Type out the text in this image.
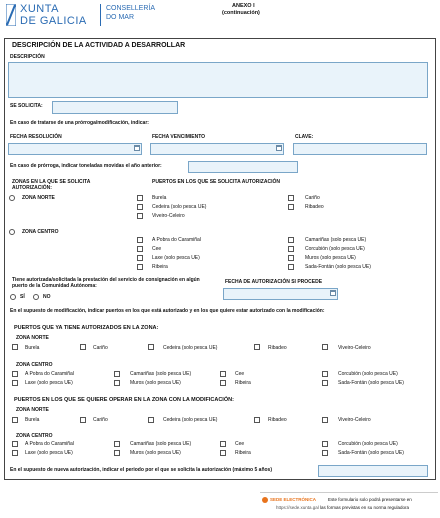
XUNTA
DE GALICIA
CONSELLERÍA
DO MAR
ANEXO I
(continuación)
DESCRIPCIÓN DE LA ACTIVIDAD A DESARROLLAR
DESCRIPCIÓN
SE SOLICITA:
En caso de tratarse de una prórroga/modificación, indicar:
FECHA RESOLUCIÓN	FECHA VENCIMIENTO	CLAVE:
En caso de prórroga, indicar toneladas movidas el año anterior:
ZONAS EN LA QUE SE SOLICITA AUTORIZACIÓN:
PUERTOS EN LOS QUE SE SOLICITA AUTORIZACIÓN
ZONA NORTE	Burela
Cedeira (solo pesca UE)
Viveiro-Celeiro
Cariño
Ribadeo
ZONA CENTRO
A Pobra do Caramiñal
Cee
Laxe (solo pesca UE)
Ribeira
Camariñas (solo pesca UE)
Corcubión (solo pesca UE)
Muros (solo pesca UE)
Sada-Fontán (solo pesca UE)
Tiene autorizada/solicitada la prestación del servicio de consignación en algún puerto de la Comunidad Autónoma:
SÍ	NO
FECHA DE AUTORIZACIÓN SI PROCEDE
En el supuesto de modificación, indicar puertos en los que está autorizado y en los que quiere estar autorizado con la modificación:
PUERTOS QUE YA TIENE AUTORIZADOS EN LA ZONA:
ZONA NORTE
Burela	Cariño	Cedeira (solo pesca UE)	Ribadeo	Viveiro-Celeiro
ZONA CENTRO
A Pobra do Caramiñal	Camariñas (solo pesca UE)	Cee	Corcubión (solo pesca UE)
Laxe (solo pesca UE)	Muros (solo pesca UE)	Ribeira	Sada-Fontán (solo pesca UE)
PUERTOS EN LOS QUE SE QUIERE OPERAR EN LA ZONA CON LA MODIFICACIÓN:
ZONA NORTE
Burela	Cariño	Cedeira (solo pesca UE)	Ribadeo	Viveiro-Celeiro
ZONA CENTRO
A Pobra do Caramiñal	Camariñas (solo pesca UE)	Cee	Corcubión (solo pesca UE)
Laxe (solo pesca UE)	Muros (solo pesca UE)	Ribeira	Sada-Fontán (solo pesca UE)
En el supuesto de nueva autorización, indicar el periodo por el que se solicita la autorización (máximo 5 años)
SEDE ELECTRÓNICA	Este formulario solo podrá presentarse en
https://sede.xunta.gal las formas previstas en su norma reguladora
